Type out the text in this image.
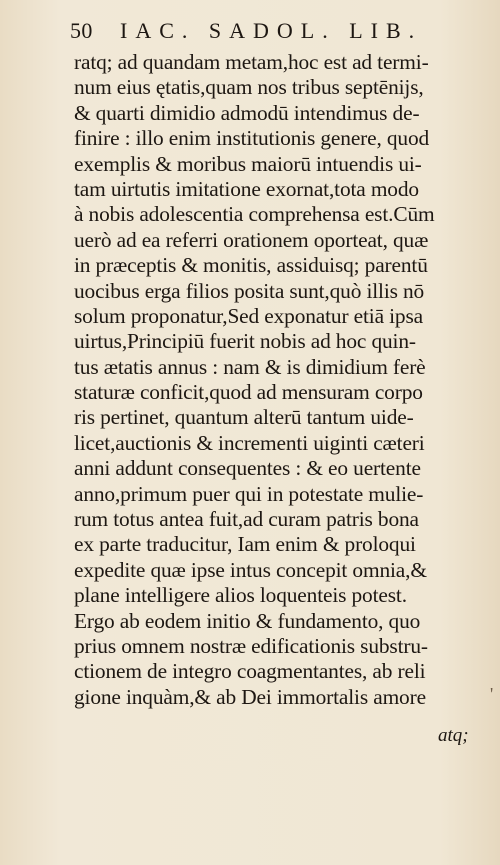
50 IAC. SADOL. LIB.
ratq; ad quandam metam,hoc est ad termi-
num eius ętatis,quam nos tribus septēnijs,
& quarti dimidio admodū intendimus de-
finire : illo enim institutionis genere, quod
exemplis & moribus maiorū intuendis ui-
tam uirtutis imitatione exornat,tota modo
à nobis adolescentia comprehensa est.Cūm
uerò ad ea referri orationem oporteat, quæ
in præceptis & monitis, assiduisq; parentū
uocibus erga filios posita sunt,quò illis nō
solum proponatur,Sed exponatur etiā ipsa
uirtus,Principiū fuerit nobis ad hoc quin-
tus ætatis annus : nam & is dimidium ferè
staturæ conficit,quod ad mensuram corpo
ris pertinet, quantum alterū tantum uide-
licet,auctionis & incrementi uiginti cæteri
anni addunt consequentes : & eo uertente
anno,primum puer qui in potestate mulie-
rum totus antea fuit,ad curam patris bona
ex parte traducitur, Iam enim & proloqui
expedite quæ ipse intus concepit omnia,&
plane intelligere alios loquenteis potest.
Ergo ab eodem initio & fundamento, quo
prius omnem nostræ edificationis substru-
ctionem de integro coagmentantes, ab reli
gione inquàm,& ab Dei immortalis amore
atq;
'
